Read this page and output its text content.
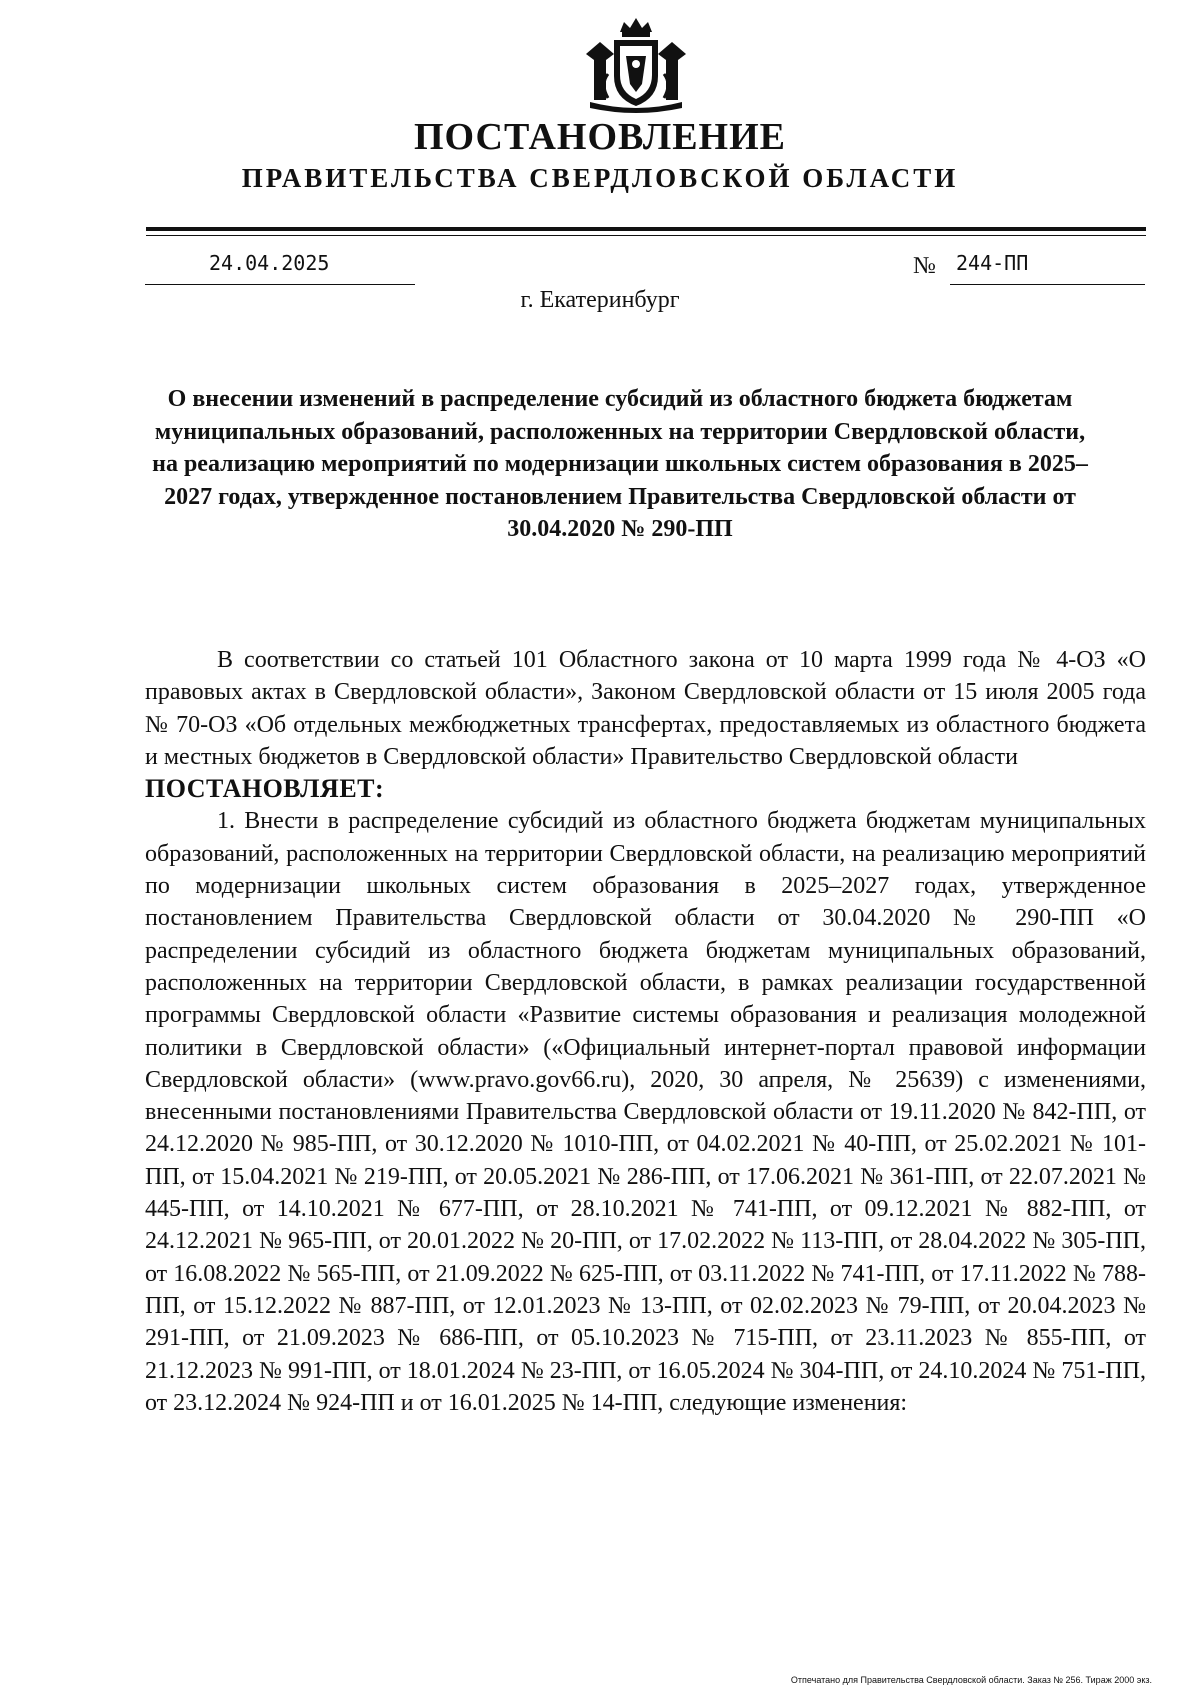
ПОСТАНОВЛЕНИЕ
ПРАВИТЕЛЬСТВА СВЕРДЛОВСКОЙ ОБЛАСТИ
24.04.2025	№ 244-ПП
г. Екатеринбург
О внесении изменений в распределение субсидий из областного бюджета бюджетам муниципальных образований, расположенных на территории Свердловской области, на реализацию мероприятий по модернизации школьных систем образования в 2025–2027 годах, утвержденное постановлением Правительства Свердловской области от 30.04.2020 № 290-ПП

В соответствии со статьей 101 Областного закона от 10 марта 1999 года № 4-ОЗ «О правовых актах в Свердловской области», Законом Свердловской области от 15 июля 2005 года № 70-ОЗ «Об отдельных межбюджетных трансфертах, предоставляемых из областного бюджета и местных бюджетов в Свердловской области» Правительство Свердловской области

ПОСТАНОВЛЯЕТ:

1. Внести в распределение субсидий из областного бюджета бюджетам муниципальных образований, расположенных на территории Свердловской области, на реализацию мероприятий по модернизации школьных систем образования в 2025–2027 годах, утвержденное постановлением Правительства Свердловской области от 30.04.2020 № 290-ПП «О распределении субсидий из областного бюджета бюджетам муниципальных образований, расположенных на территории Свердловской области, в рамках реализации государственной программы Свердловской области «Развитие системы образования и реализация молодежной политики в Свердловской области» («Официальный интернет-портал правовой информации Свердловской области» (www.pravo.gov66.ru), 2020, 30 апреля, № 25639) с изменениями, внесенными постановлениями Правительства Свердловской области от 19.11.2020 № 842-ПП, от 24.12.2020 № 985-ПП, от 30.12.2020 № 1010-ПП, от 04.02.2021 № 40-ПП, от 25.02.2021 № 101-ПП, от 15.04.2021 № 219-ПП, от 20.05.2021 № 286-ПП, от 17.06.2021 № 361-ПП, от 22.07.2021 № 445-ПП, от 14.10.2021 № 677-ПП, от 28.10.2021 № 741-ПП, от 09.12.2021 № 882-ПП, от 24.12.2021 № 965-ПП, от 20.01.2022 № 20-ПП, от 17.02.2022 № 113-ПП, от 28.04.2022 № 305-ПП, от 16.08.2022 № 565-ПП, от 21.09.2022 № 625-ПП, от 03.11.2022 № 741-ПП, от 17.11.2022 № 788-ПП, от 15.12.2022 № 887-ПП, от 12.01.2023 № 13-ПП, от 02.02.2023 № 79-ПП, от 20.04.2023 № 291-ПП, от 21.09.2023 № 686-ПП, от 05.10.2023 № 715-ПП, от 23.11.2023 № 855-ПП, от 21.12.2023 № 991-ПП, от 18.01.2024 № 23-ПП, от 16.05.2024 № 304-ПП, от 24.10.2024 № 751-ПП, от 23.12.2024 № 924-ПП и от 16.01.2025 № 14-ПП, следующие изменения:

Отпечатано для Правительства Свердловской области. Заказ № 256. Тираж 2000 экз.
